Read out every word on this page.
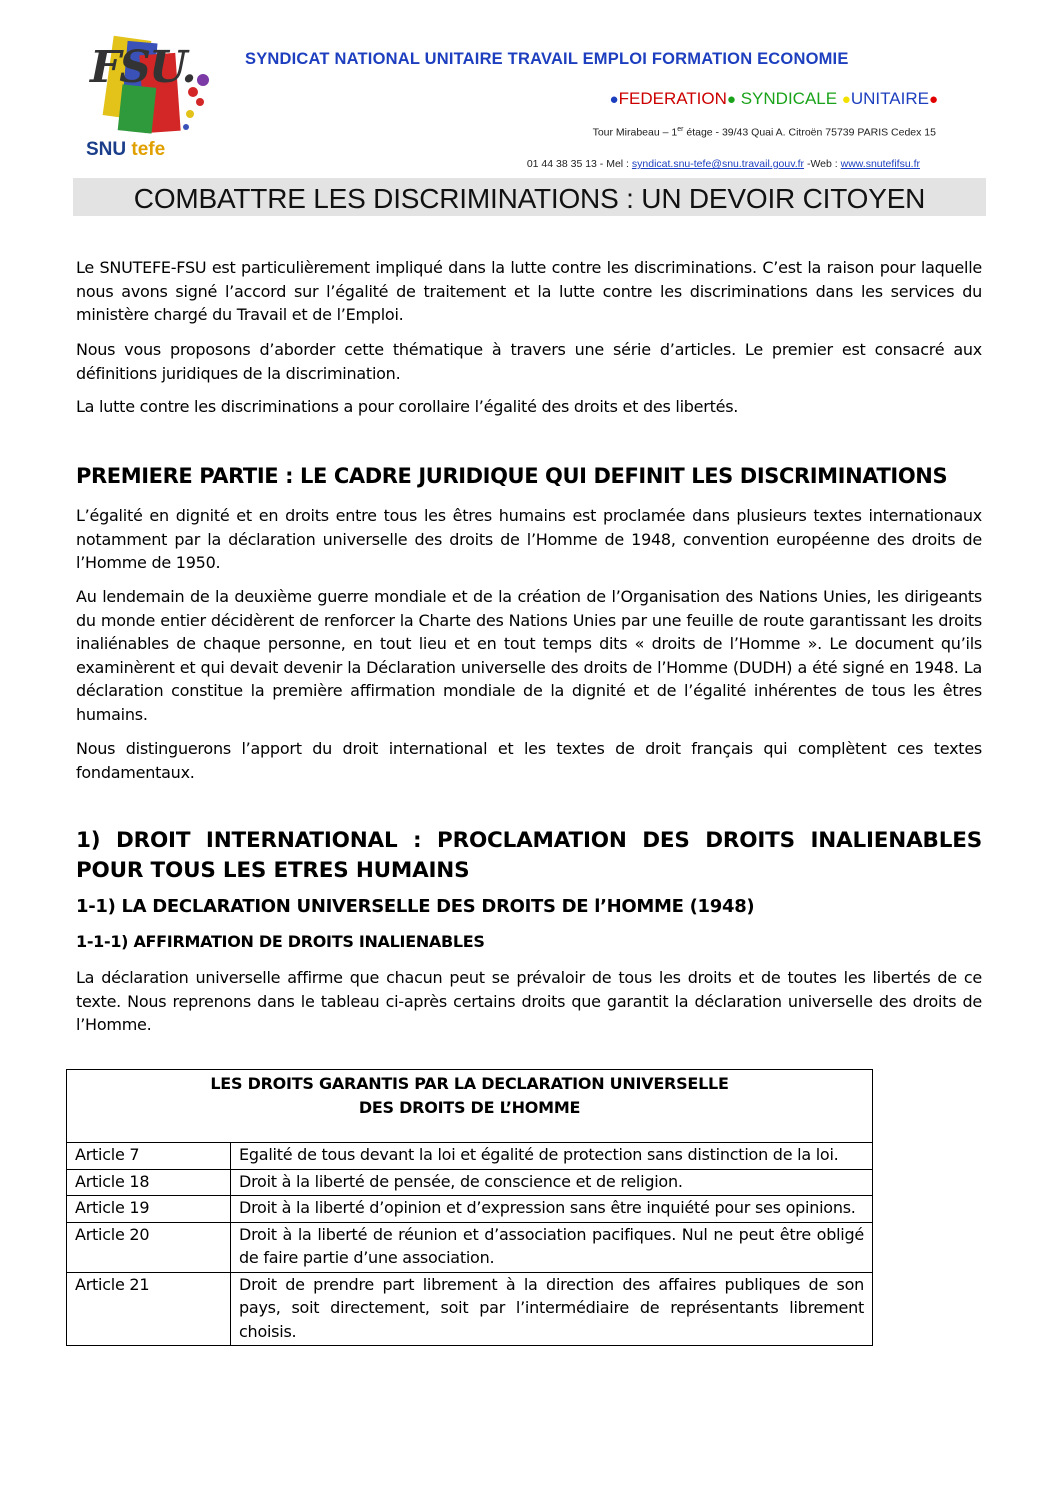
FSU.
SNU tefe
SYNDICAT NATIONAL UNITAIRE TRAVAIL EMPLOI FORMATION ECONOMIE
●FEDERATION● SYNDICALE ●UNITAIRE●
Tour Mirabeau – 1er étage - 39/43 Quai A. Citroën 75739 PARIS Cedex 15
01 44 38 35 13 - Mel : syndicat.snu-tefe@snu.travail.gouv.fr -Web : www.snutefifsu.fr
COMBATTRE LES DISCRIMINATIONS : UN DEVOIR CITOYEN

Le SNUTEFE-FSU est particulièrement impliqué dans la lutte contre les discriminations. C’est la raison pour laquelle nous avons signé l’accord sur l’égalité de traitement et la lutte contre les discriminations dans les services du ministère chargé du Travail et de l’Emploi.

Nous vous proposons d’aborder cette thématique à travers une série d’articles. Le premier est consacré aux définitions juridiques de la discrimination.

La lutte contre les discriminations a pour corollaire l’égalité des droits et des libertés.

PREMIERE PARTIE : LE CADRE JURIDIQUE QUI DEFINIT LES DISCRIMINATIONS

L’égalité en dignité et en droits entre tous les êtres humains est proclamée dans plusieurs textes internationaux notamment par la déclaration universelle des droits de l’Homme de 1948, convention européenne des droits de l’Homme de 1950.

Au lendemain de la deuxième guerre mondiale et de la création de l’Organisation des Nations Unies, les dirigeants du monde entier décidèrent de renforcer la Charte des Nations Unies par une feuille de route garantissant les droits inaliénables de chaque personne, en tout lieu et en tout temps dits « droits de l’Homme ». Le document qu’ils examinèrent et qui devait devenir la Déclaration universelle des droits de l’Homme (DUDH) a été signé en 1948. La déclaration constitue la première affirmation mondiale de la dignité et de l’égalité inhérentes de tous les êtres humains.

Nous distinguerons l’apport du droit international et les textes de droit français qui complètent ces textes fondamentaux.

1) DROIT INTERNATIONAL : PROCLAMATION DES DROITS INALIENABLES POUR TOUS LES ETRES HUMAINS
1-1) LA DECLARATION UNIVERSELLE DES DROITS DE l’HOMME (1948)
1-1-1) AFFIRMATION DE DROITS INALIENABLES

La déclaration universelle affirme que chacun peut se prévaloir de tous les droits et de toutes les libertés de ce texte. Nous reprenons dans le tableau ci-après certains droits que garantit la déclaration universelle des droits de l’Homme.

LES DROITS GARANTIS PAR LA DECLARATION UNIVERSELLE
DES DROITS DE L’HOMME	
Article 7	Egalité de tous devant la loi et égalité de protection sans distinction de la loi.
Article 18	Droit à la liberté de pensée, de conscience et de religion.
Article 19	Droit à la liberté d’opinion et d’expression sans être inquiété pour ses opinions.
Article 20	Droit à la liberté de réunion et d’association pacifiques. Nul ne peut être obligé de faire partie d’une association.
Article 21	Droit de prendre part librement à la direction des affaires publiques de son pays, soit directement, soit par l’intermédiaire de représentants librement choisis.
